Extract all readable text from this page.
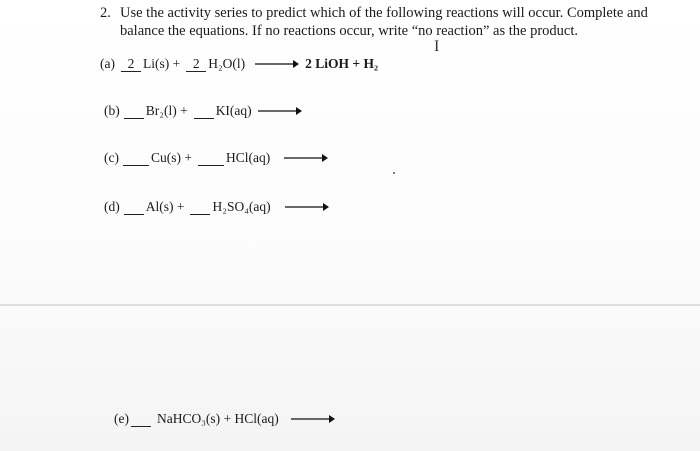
2. Use the activity series to predict which of the following reactions will occur. Complete and balance the equations. If no reactions occur, write “no reaction” as the product.
I
(a) 2 Li(s) + 2 H₂O(l) → 2 LiOH + H₂
(b) Br₂(l) + KI(aq) →
(c) Cu(s) +	HCl(aq) →
(d) Al(s) + H₂SO₄(aq) →
(e) NaHCO₃(s) + HCl(aq) →
